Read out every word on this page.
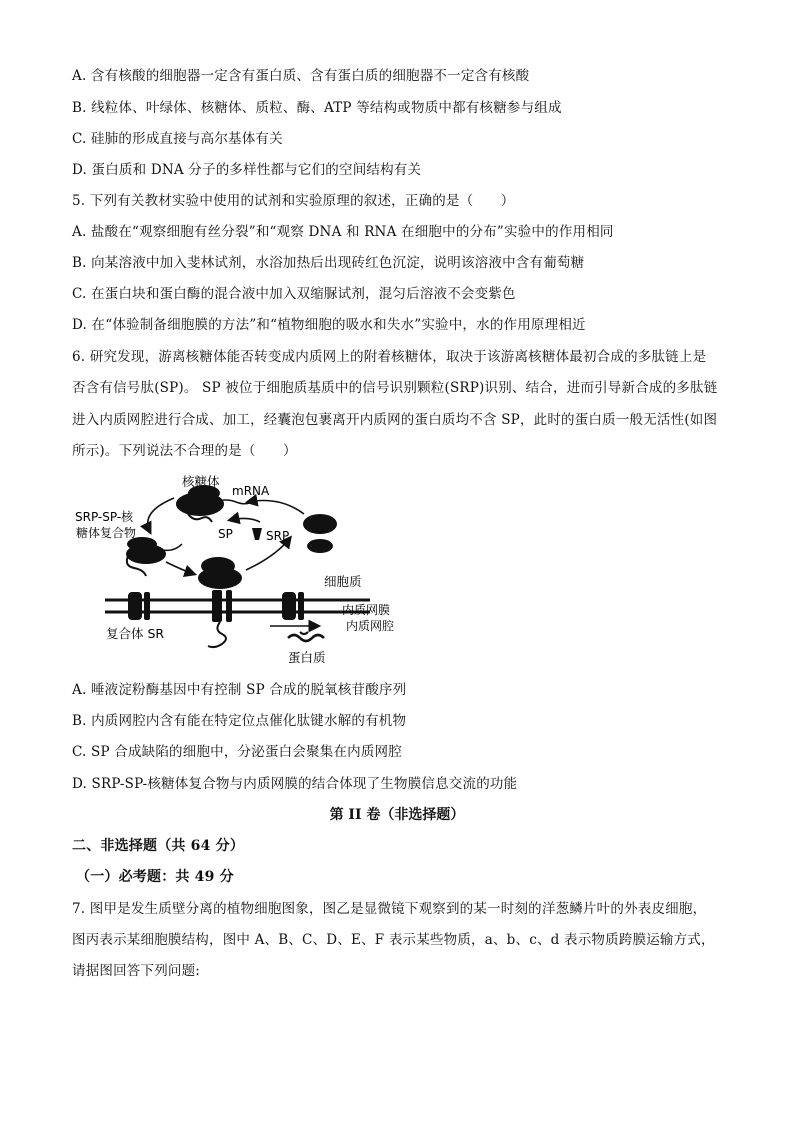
A. 含有核酸的细胞器一定含有蛋白质、含有蛋白质的细胞器不一定含有核酸
B. 线粒体、叶绿体、核糖体、质粒、酶、ATP 等结构或物质中都有核糖参与组成
C. 硅肺的形成直接与高尔基体有关
D. 蛋白质和 DNA 分子的多样性都与它们的空间结构有关
5. 下列有关教材实验中使用的试剂和实验原理的叙述，正确的是（　　）
A. 盐酸在“观察细胞有丝分裂”和“观察 DNA 和 RNA 在细胞中的分布”实验中的作用相同
B. 向某溶液中加入斐林试剂，水浴加热后出现砖红色沉淀，说明该溶液中含有葡萄糖
C. 在蛋白块和蛋白酶的混合液中加入双缩脲试剂，混匀后溶液不会变紫色
D. 在“体验制备细胞膜的方法”和“植物细胞的吸水和失水”实验中，水的作用原理相近
6. 研究发现，游离核糖体能否转变成内质网上的附着核糖体，取决于该游离核糖体最初合成的多肽链上是
否含有信号肽(SP)。 SP 被位于细胞质基质中的信号识别颗粒(SRP)识别、结合，进而引导新合成的多肽链
进入内质网腔进行合成、加工，经囊泡包裹离开内质网的蛋白质均不含 SP，此时的蛋白质一般无活性(如图
所示)。下列说法不合理的是（　　）
核糖体
mRNA
SRP-SP-核
糖体复合物	SP	SRP
细胞质
内质网膜
内质网腔
复合体 SR
蛋白质
A. 唾液淀粉酶基因中有控制 SP 合成的脱氧核苷酸序列
B. 内质网腔内含有能在特定位点催化肽键水解的有机物
C. SP 合成缺陷的细胞中，分泌蛋白会聚集在内质网腔
D. SRP-SP-核糖体复合物与内质网膜的结合体现了生物膜信息交流的功能
第 II 卷（非选择题）
二、非选择题（共 64 分）
（一）必考题：共 49 分
7. 图甲是发生质壁分离的植物细胞图象，图乙是显微镜下观察到的某一时刻的洋葱鳞片叶的外表皮细胞，
图丙表示某细胞膜结构，图中 A、B、C、D、E、F 表示某些物质，a、b、c、d 表示物质跨膜运输方式，
请据图回答下列问题:
